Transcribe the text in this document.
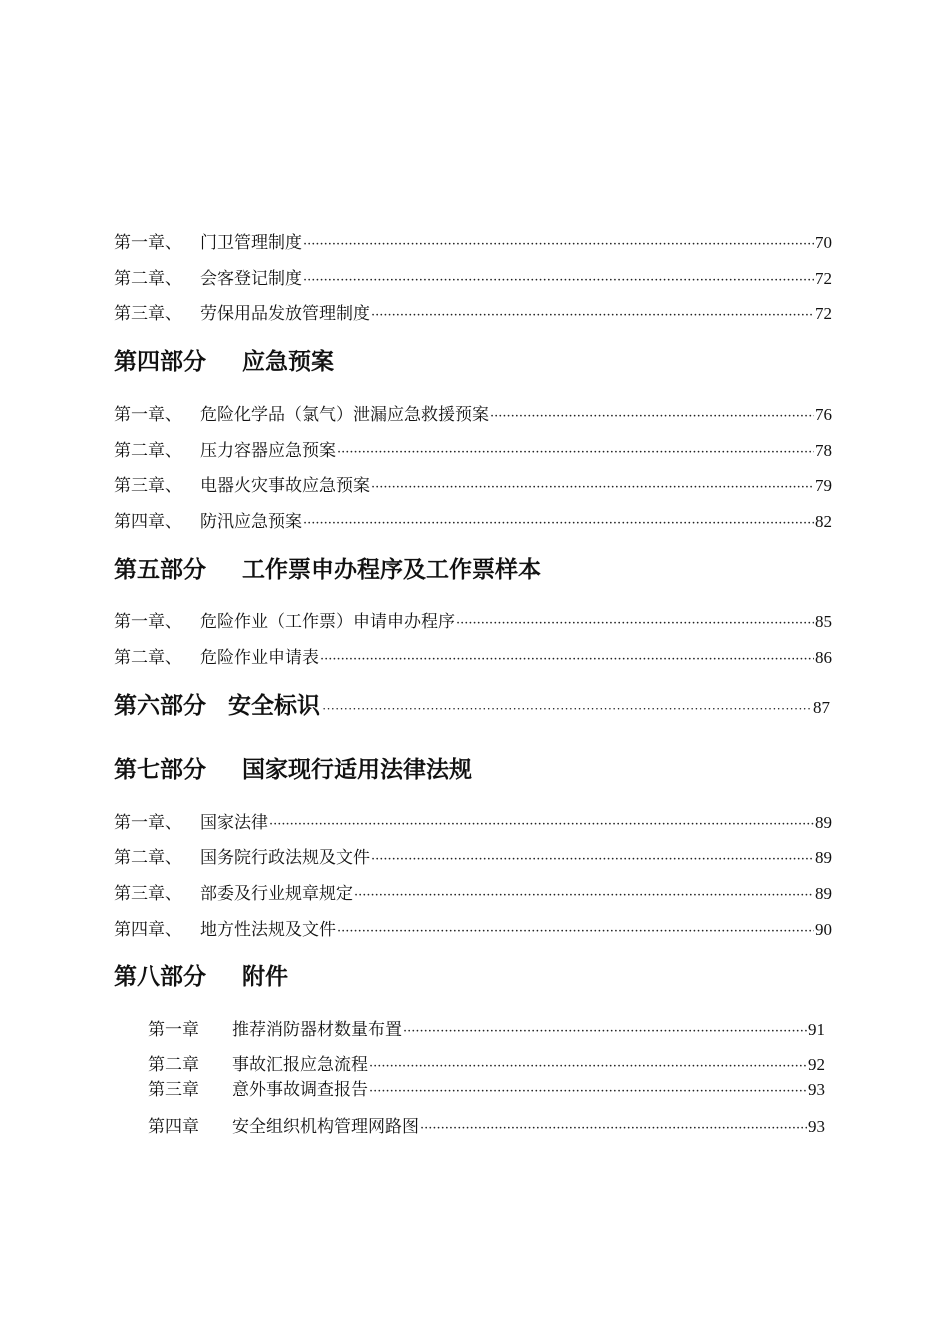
第一章、	门卫管理制度 ·····	70
第二章、	会客登记制度 ·····	72
第三章、	劳保用品发放管理制度 ·····	72
第四部分 应急预案
第一章、	危险化学品（氯气）泄漏应急救援预案 ·····	76
第二章、	压力容器应急预案 ·····	78
第三章、	电器火灾事故应急预案 ·····	79
第四章、	防汛应急预案 ·····	82
第五部分 工作票申办程序及工作票样本
第一章、	危险作业（工作票）申请申办程序 ·····	85
第二章、	危险作业申请表 ·····	86
第六部分 安全标识 ·····	87
第七部分 国家现行适用法律法规
第一章、	国家法律 ·····	89
第二章、	国务院行政法规及文件 ·····	89
第三章、	部委及行业规章规定 ·····	89
第四章、	地方性法规及文件 ·····	90
第八部分 附件
第一章	推荐消防器材数量布置 ·····	91
第二章	事故汇报应急流程 ·····	92
第三章	意外事故调查报告 ·····	93
第四章	安全组织机构管理网路图 ·····	93
